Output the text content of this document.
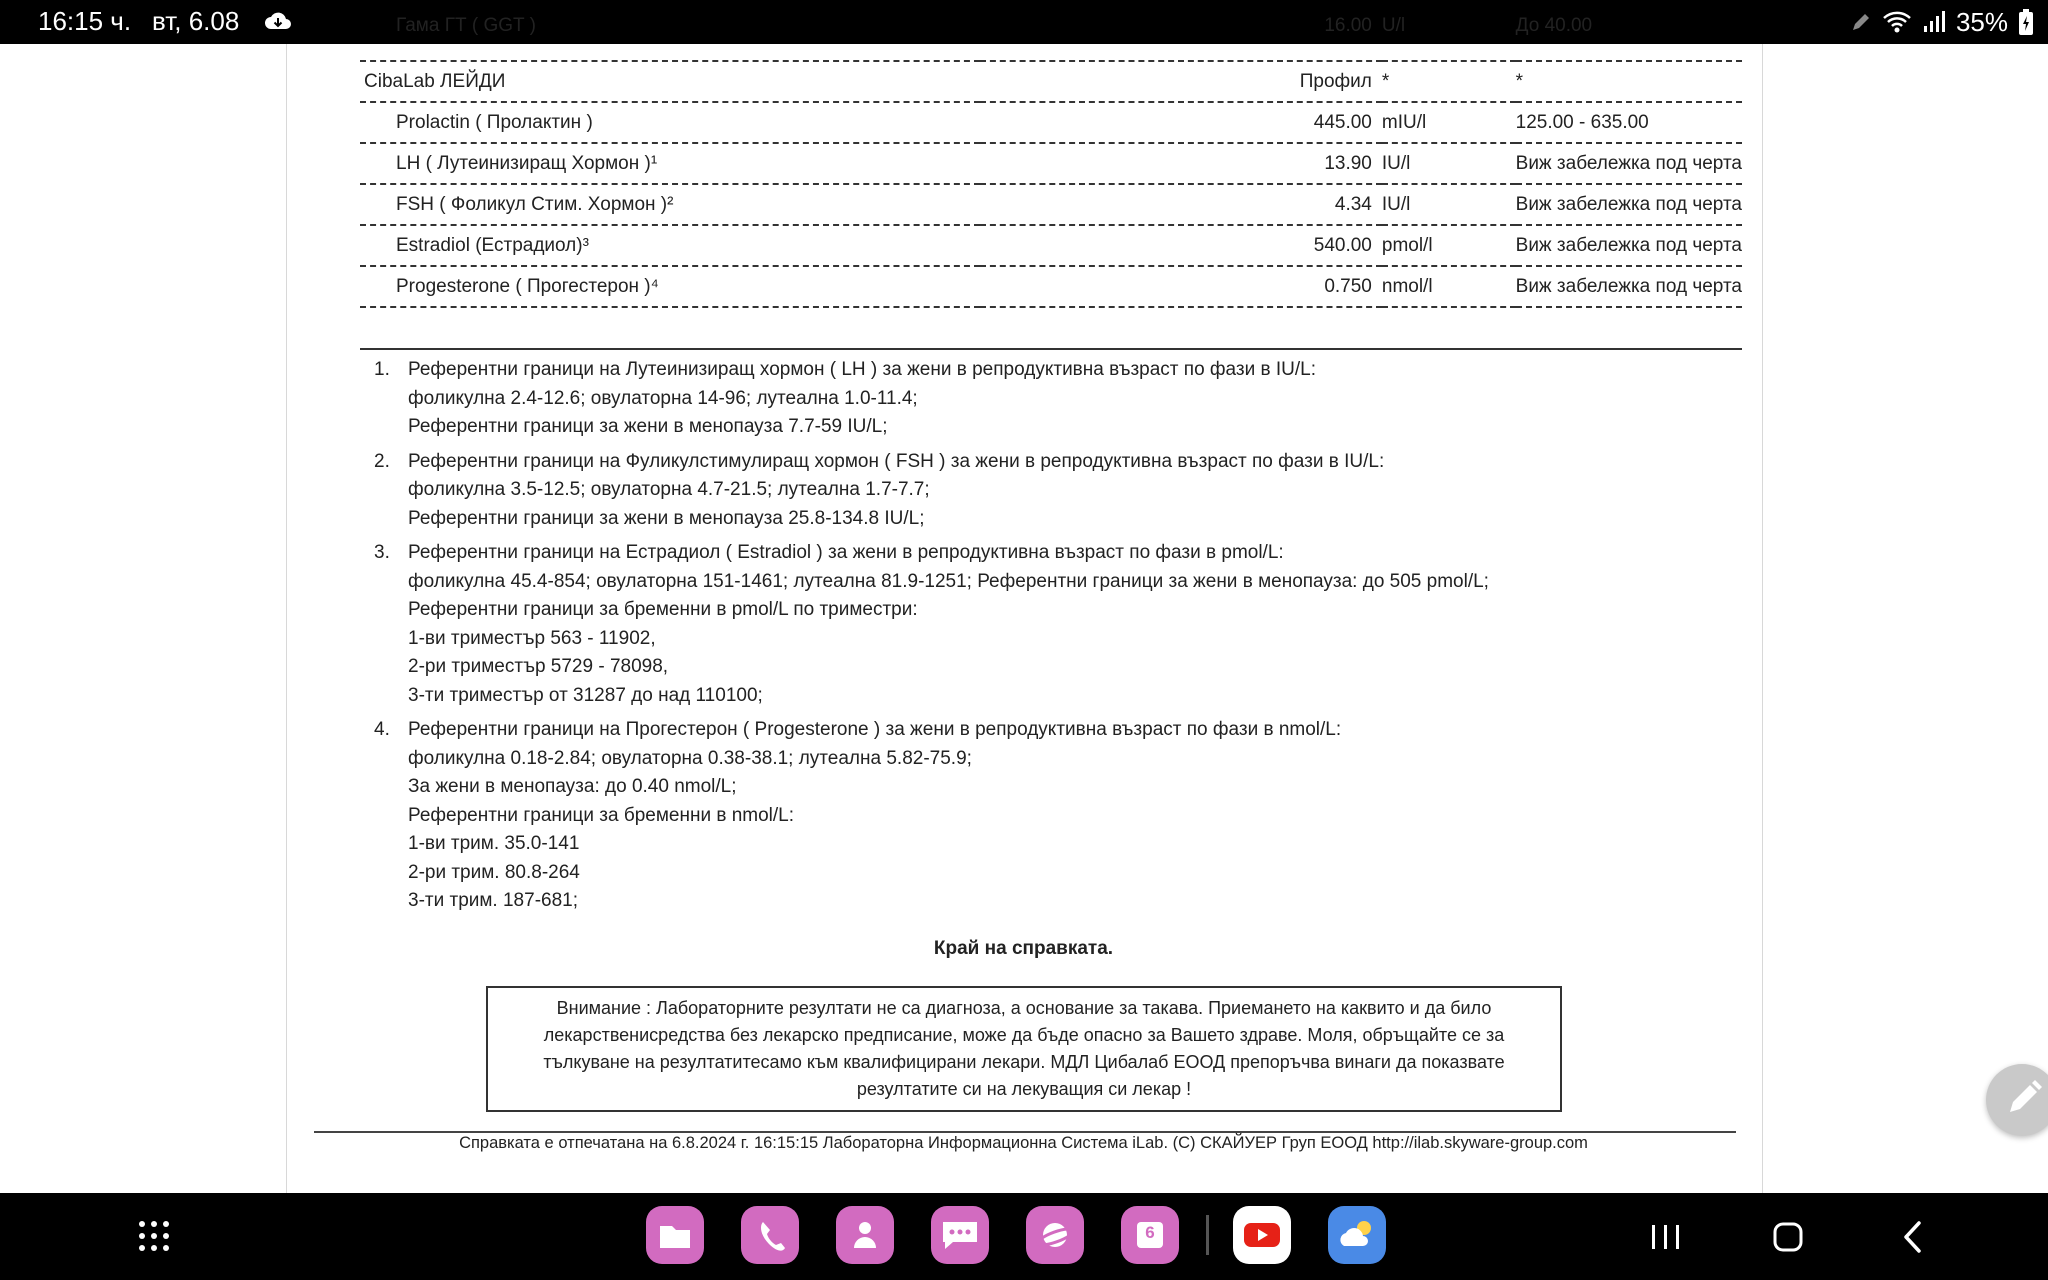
16:15 ч. вт, 6.08	35%
Гама ГТ ( GGT )	16.00	U/l	До 40.00
CibaLab ЛЕЙДИ	Профил	*	*
Prolactin ( Пролактин )	445.00	mIU/l	125.00 - 635.00
LH ( Лутеинизиращ Хормон )¹	13.90	IU/l	Виж забележка под черта
FSH ( Фоликул Стим. Хормон )²	4.34	IU/l	Виж забележка под черта
Estradiol (Естрадиол)³	540.00	pmol/l	Виж забележка под черта
Progesterone ( Прогестерон )⁴	0.750	nmol/l	Виж забележка под черта
1. Референтни граници на Лутеинизиращ хормон ( LH ) за жени в репродуктивна възраст по фази в IU/L:
фоликулна 2.4-12.6; овулаторна 14-96; лутеална 1.0-11.4;
Референтни граници за жени в менопауза 7.7-59 IU/L;
2. Референтни граници на Фуликулстимулиращ хормон ( FSH ) за жени в репродуктивна възраст по фази в IU/L:
фоликулна 3.5-12.5; овулаторна 4.7-21.5; лутеална 1.7-7.7;
Референтни граници за жени в менопауза 25.8-134.8 IU/L;
3. Референтни граници на Естрадиол ( Estradiol ) за жени в репродуктивна възраст по фази в pmol/L:
фоликулна 45.4-854; овулаторна 151-1461; лутеална 81.9-1251; Референтни граници за жени в менопауза: до 505 pmol/L;
Референтни граници за бременни в pmol/L по триместри:
1-ви триместър 563 - 11902,
2-ри триместър 5729 - 78098,
3-ти триместър от 31287 до над 110100;
4. Референтни граници на Прогестерон ( Progesterone ) за жени в репродуктивна възраст по фази в nmol/L:
фоликулна 0.18-2.84; овулаторна 0.38-38.1; лутеална 5.82-75.9;
За жени в менопауза: до 0.40 nmol/L;
Референтни граници за бременни в nmol/L:
1-ви трим. 35.0-141
2-ри трим. 80.8-264
3-ти трим. 187-681;
Край на справката.
Внимание : Лабораторните резултати не са диагноза, а основание за такава. Приемането на каквито и да било лекарственисредства без лекарско предписание, може да бъде опасно за Вашето здраве. Моля, обръщайте се за тълкуване на резултатитесамо към квалифицирани лекари. МДЛ Цибалаб ЕООД препоръчва винаги да показвате резултатите си на лекуващия си лекар !
Справката е отпечатана на 6.8.2024 г. 16:15:15 Лабораторна Информационна Система iLab. (C) СКАЙУЕР Груп ЕООД http://ilab.skyware-group.com
6
